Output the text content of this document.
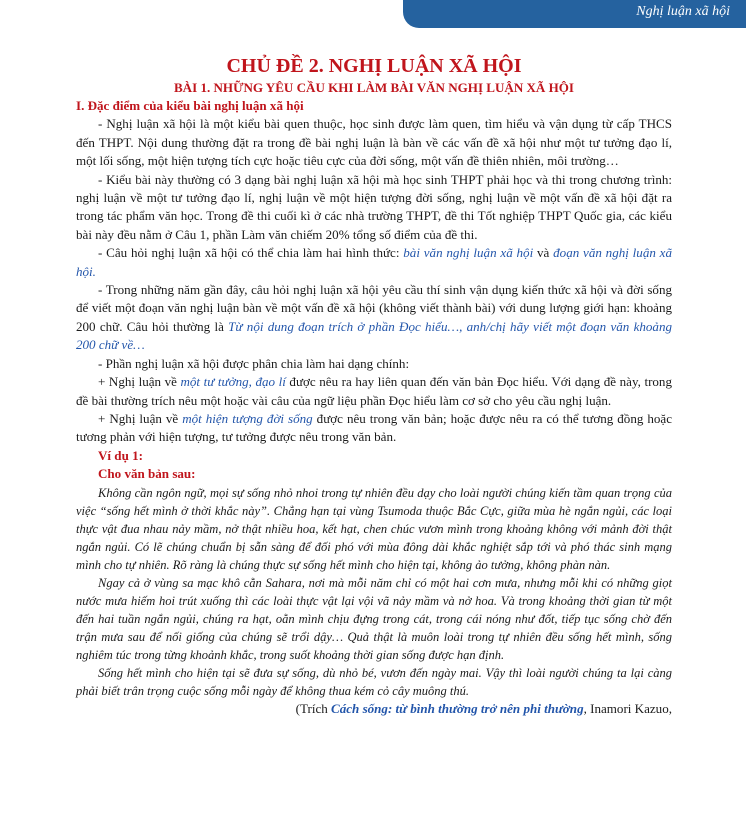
Nghị luận xã hội
CHỦ ĐỀ 2. NGHỊ LUẬN XÃ HỘI
BÀI 1. NHỮNG YÊU CẦU KHI LÀM BÀI VĂN NGHỊ LUẬN XÃ HỘI
I. Đặc điểm của kiểu bài nghị luận xã hội

- Nghị luận xã hội là một kiểu bài quen thuộc, học sinh được làm quen, tìm hiểu và vận dụng từ cấp THCS đến THPT. Nội dung thường đặt ra trong đề bài nghị luận là bàn về các vấn đề xã hội như một tư tưởng đạo lí, một lối sống, một hiện tượng tích cực hoặc tiêu cực của đời sống, một vấn đề thiên nhiên, môi trường…

- Kiểu bài này thường có 3 dạng bài nghị luận xã hội mà học sinh THPT phải học và thi trong chương trình: nghị luận về một tư tưởng đạo lí, nghị luận về một hiện tượng đời sống, nghị luận về một vấn đề xã hội đặt ra trong tác phẩm văn học. Trong đề thi cuối kì ở các nhà trường THPT, đề thi Tốt nghiệp THPT Quốc gia, các kiểu bài này đều nằm ở Câu 1, phần Làm văn chiếm 20% tổng số điểm của đề thi.

- Câu hỏi nghị luận xã hội có thể chia làm hai hình thức: bài văn nghị luận xã hội và đoạn văn nghị luận xã hội.

- Trong những năm gần đây, câu hỏi nghị luận xã hội yêu cầu thí sinh vận dụng kiến thức xã hội và đời sống để viết một đoạn văn nghị luận bàn về một vấn đề xã hội (không viết thành bài) với dung lượng giới hạn: khoảng 200 chữ. Câu hỏi thường là Từ nội dung đoạn trích ở phần Đọc hiểu…, anh/chị hãy viết một đoạn văn khoảng 200 chữ về…

- Phần nghị luận xã hội được phân chia làm hai dạng chính:

+ Nghị luận về một tư tưởng, đạo lí được nêu ra hay liên quan đến văn bản Đọc hiểu. Với dạng đề này, trong đề bài thường trích nêu một hoặc vài câu của ngữ liệu phần Đọc hiểu làm cơ sở cho yêu cầu nghị luận.

+ Nghị luận về một hiện tượng đời sống được nêu trong văn bản; hoặc được nêu ra có thể tương đồng hoặc tương phản với hiện tượng, tư tưởng được nêu trong văn bản.

Ví dụ 1:
Cho văn bản sau:

Không cần ngôn ngữ, mọi sự sống nhỏ nhoi trong tự nhiên đều dạy cho loài người chúng kiến tầm quan trọng của việc “sống hết mình ở thời khắc này”. Chẳng hạn tại vùng Tsumoda thuộc Bắc Cực, giữa mùa hè ngắn ngủi, các loại thực vật đua nhau nảy mầm, nở thật nhiều hoa, kết hạt, chen chúc vươn mình trong khoảng không với mảnh đời thật ngắn ngủi. Có lẽ chúng chuẩn bị sẵn sàng để đối phó với mùa đông dài khắc nghiệt sắp tới và phó thác sinh mạng mình cho tự nhiên. Rõ ràng là chúng thực sự sống hết mình cho hiện tại, không ảo tưởng, không phàn nàn.

Ngay cả ở vùng sa mạc khô cằn Sahara, nơi mà mỗi năm chỉ có một hai cơn mưa, nhưng mỗi khi có những giọt nước mưa hiếm hoi trút xuống thì các loài thực vật lại vội vã nảy mầm và nở hoa. Và trong khoảng thời gian từ một đến hai tuần ngắn ngủi, chúng ra hạt, oằn mình chịu đựng trong cát, trong cái nóng như đốt, tiếp tục sống chờ đến trận mưa sau để nối giống của chúng sẽ trổi dậy… Quả thật là muôn loài trong tự nhiên đều sống hết mình, sống nghiêm túc trong từng khoảnh khắc, trong suốt khoảng thời gian sống được hạn định.

Sống hết mình cho hiện tại sẽ đưa sự sống, dù nhỏ bé, vươn đến ngày mai. Vậy thì loài người chúng ta lại càng phải biết trân trọng cuộc sống mỗi ngày để không thua kém cỏ cây muông thú.

(Trích Cách sống: từ bình thường trở nên phi thường, Inamori Kazuo,
